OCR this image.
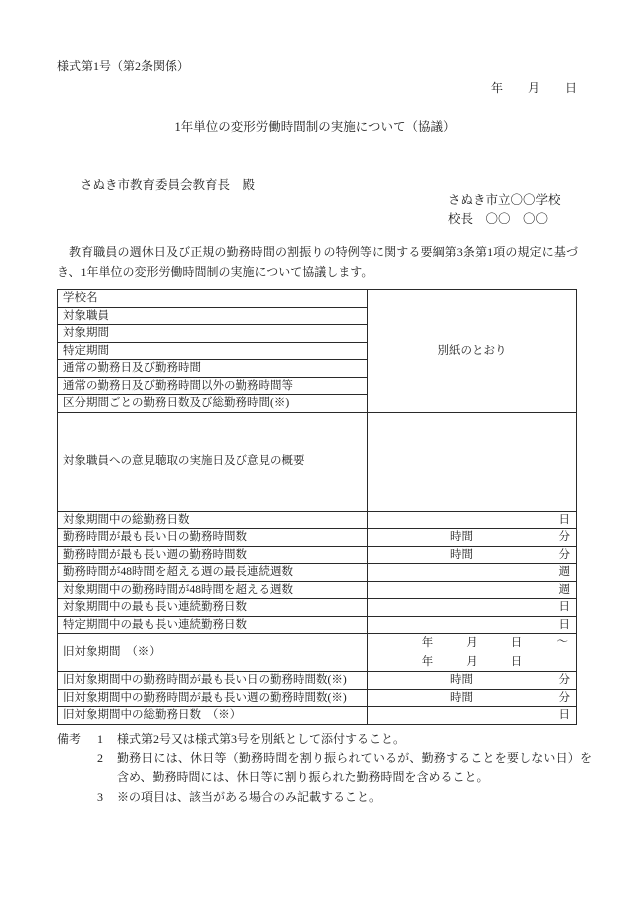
様式第1号（第2条関係）
年 月 日
1年単位の変形労働時間制の実施について（協議）
さぬき市教育委員会教育長　殿
さぬき市立〇〇学校
校長　〇〇　〇〇
教育職員の週休日及び正規の勤務時間の割振りの特例等に関する要綱第3条第1項の規定に基づき、1年単位の変形労働時間制の実施について協議します。
学校名	別紙のとおり
対象職員	
対象期間	
特定期間	
通常の勤務日及び勤務時間	
通常の勤務日及び勤務時間以外の勤務時間等	
区分期間ごとの勤務日数及び総勤務時間(※)	
対象職員への意見聴取の実施日及び意見の概要	
対象期間中の総勤務日数	日

勤務時間が最も長い日の勤務時間数	時間 分

勤務時間が最も長い週の勤務時間数	時間 分

勤務時間が48時間を超える週の最長連続週数	週

対象期間中の勤務時間が48時間を超える週数	週

対象期間中の最も長い連続勤務日数	日

特定期間中の最も長い連続勤務日数	日

旧対象期間　（※）	
年	月	日	～
年	月	日

旧対象期間中の勤務時間が最も長い日の勤務時間数(※)	時間 分

旧対象期間中の勤務時間が最も長い週の勤務時間数(※)	時間 分

旧対象期間中の総勤務日数　（※）	日
備考	1	様式第2号又は様式第3号を別紙として添付すること。
2	勤務日には、休日等（勤務時間を割り振られているが、勤務することを要しない日）を含め、勤務時間には、休日等に割り振られた勤務時間を含めること。
3	※の項目は、該当がある場合のみ記載すること。
